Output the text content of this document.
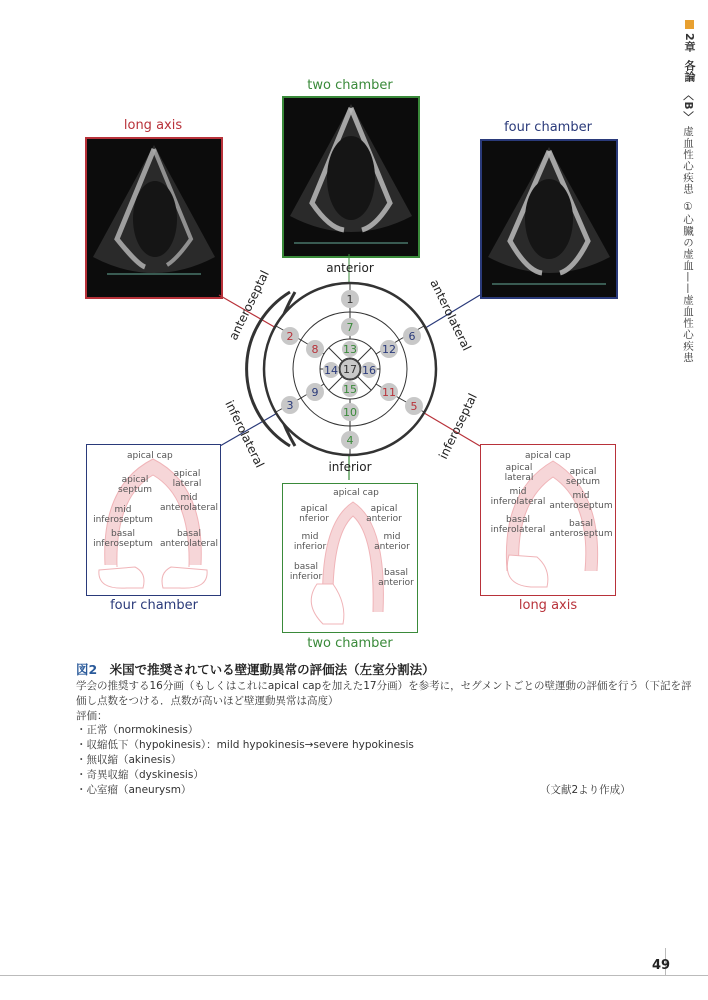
2章
各論
〈B〉
虚血性心疾患
①心臓の虚血——虚血性心疾患
long axis
two chamber
four chamber
1
2
3
4
5
6
7
8
9
10
11
12
13
14
15
16
17
anterior
inferior
anteroseptal	anterolateral
inferolateral	inferoseptal
apical cap
apical
septum
apical
lateral
mid
inferoseptum
mid
anterolateral
basal
inferoseptum
basal
anterolateral
four chamber
apical cap
apical
nferior
apical
anterior
mid
inferior
mid
anterior
basal
inferior	basal
anterior
two chamber
apical cap
apical
lateral
apical
septum
mid
inferolateral
mid
anteroseptum
basal
inferolateral
basal
anteroseptum
long axis
図2 米国で推奨されている壁運動異常の評価法（左室分割法）
学会の推奨する16分画（もしくはこれにapical capを加えた17分画）を参考に，セグメントごとの壁運動の評価を行う（下記を評
価し点数をつける．点数が高いほど壁運動異常は高度）
評価：
・正常（normokinesis）
・収縮低下（hypokinesis）：mild hypokinesis→severe hypokinesis
・無収縮（akinesis）
・奇異収縮（dyskinesis）
・心室瘤（aneurysm）	（文献2より作成）
49
